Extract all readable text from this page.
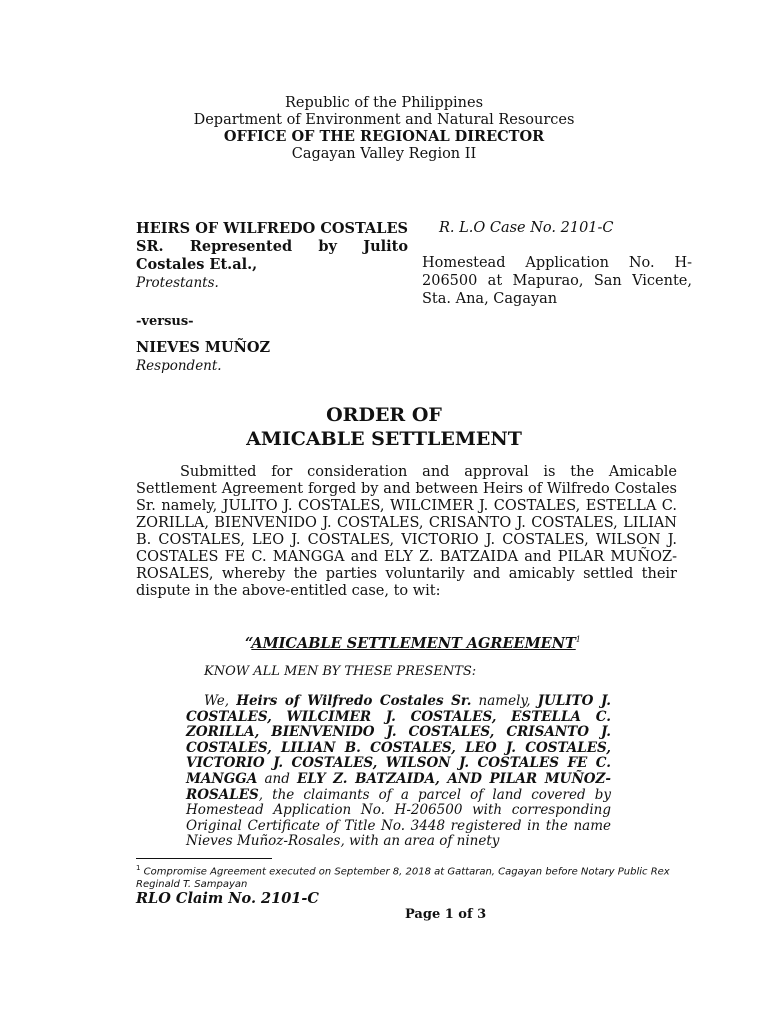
Republic of the Philippines
Department of Environment and Natural Resources
OFFICE OF THE REGIONAL DIRECTOR
Cagayan Valley Region II
HEIRS OF WILFREDO COSTALES SR. Represented by Julito Costales Et.al.,
Protestants.
R. L.O Case No. 2101-C
Homestead Application No. H-206500 at Mapurao, San Vicente, Sta. Ana, Cagayan
-versus-
NIEVES MUÑOZ
Respondent.
ORDER OF
AMICABLE SETTLEMENT
Submitted for consideration and approval is the Amicable Settlement Agreement forged by and between Heirs of Wilfredo Costales Sr. namely, JULITO J. COSTALES, WILCIMER J. COSTALES, ESTELLA C. ZORILLA, BIENVENIDO J. COSTALES, CRISANTO J. COSTALES, LILIAN B. COSTALES, LEO J. COSTALES, VICTORIO J. COSTALES, WILSON J. COSTALES FE C. MANGGA and ELY Z. BATZAIDA and PILAR MUÑOZ-ROSALES, whereby the parties voluntarily and amicably settled their dispute in the above-entitled case, to wit:
“AMICABLE SETTLEMENT AGREEMENT$^1$
KNOW ALL MEN BY THESE PRESENTS:
We, Heirs of Wilfredo Costales Sr. namely, JULITO J. COSTALES, WILCIMER J. COSTALES, ESTELLA C. ZORILLA, BIENVENIDO J. COSTALES, CRISANTO J. COSTALES, LILIAN B. COSTALES, LEO J. COSTALES, VICTORIO J. COSTALES, WILSON J. COSTALES FE C. MANGGA and ELY Z. BATZAIDA, AND PILAR MUÑOZ-ROSALES, the claimants of a parcel of land covered by Homestead Application No. H-206500 with corresponding Original Certificate of Title No. 3448 registered in the name Nieves Muñoz-Rosales, with an area of ninety
$^1$ Compromise Agreement executed on September 8, 2018 at Gattaran, Cagayan before Notary Public Rex Reginald T. Sampayan
RLO Claim No. 2101-C
Page 1 of 3
